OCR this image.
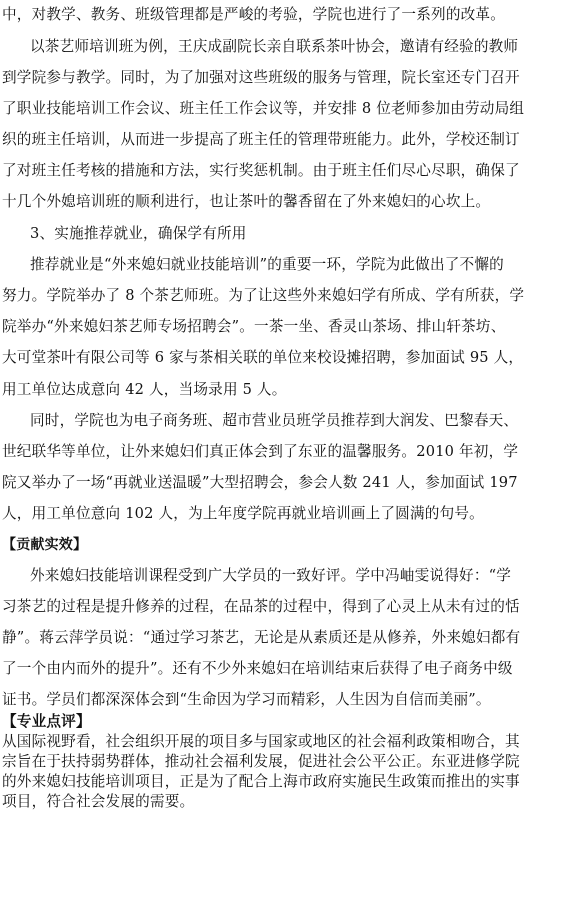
中，对教学、教务、班级管理都是严峻的考验，学院也进行了一系列的改革。
以茶艺师培训班为例，王庆成副院长亲自联系茶叶协会，邀请有经验的教师
到学院参与教学。同时，为了加强对这些班级的服务与管理，院长室还专门召开
了职业技能培训工作会议、班主任工作会议等，并安排 8 位老师参加由劳动局组
织的班主任培训，从而进一步提高了班主任的管理带班能力。此外，学校还制订
了对班主任考核的措施和方法，实行奖惩机制。由于班主任们尽心尽职，确保了
十几个外媳培训班的顺利进行，也让茶叶的馨香留在了外来媳妇的心坎上。
3、实施推荐就业，确保学有所用
推荐就业是“外来媳妇就业技能培训”的重要一环，学院为此做出了不懈的
努力。学院举办了 8 个茶艺师班。为了让这些外来媳妇学有所成、学有所获，学
院举办“外来媳妇茶艺师专场招聘会”。一茶一坐、香灵山茶场、排山轩茶坊、
大可堂茶叶有限公司等 6 家与茶相关联的单位来校设摊招聘，参加面试 95 人，
用工单位达成意向 42 人，当场录用 5 人。
同时，学院也为电子商务班、超市营业员班学员推荐到大润发、巴黎春天、
世纪联华等单位，让外来媳妇们真正体会到了东亚的温馨服务。2010 年初，学
院又举办了一场“再就业送温暖”大型招聘会，参会人数 241 人，参加面试 197
人，用工单位意向 102 人，为上年度学院再就业培训画上了圆满的句号。
【贡献实效】
外来媳妇技能培训课程受到广大学员的一致好评。学中冯岫雯说得好：“学
习茶艺的过程是提升修养的过程，在品茶的过程中，得到了心灵上从未有过的恬
静”。蒋云萍学员说：“通过学习茶艺，无论是从素质还是从修养，外来媳妇都有
了一个由内而外的提升”。还有不少外来媳妇在培训结束后获得了电子商务中级
证书。学员们都深深体会到“生命因为学习而精彩，人生因为自信而美丽”。
【专业点评】
从国际视野看，社会组织开展的项目多与国家或地区的社会福利政策相吻合，其
宗旨在于扶持弱势群体，推动社会福利发展，促进社会公平公正。东亚进修学院
的外来媳妇技能培训项目，正是为了配合上海市政府实施民生政策而推出的实事
项目，符合社会发展的需要。
